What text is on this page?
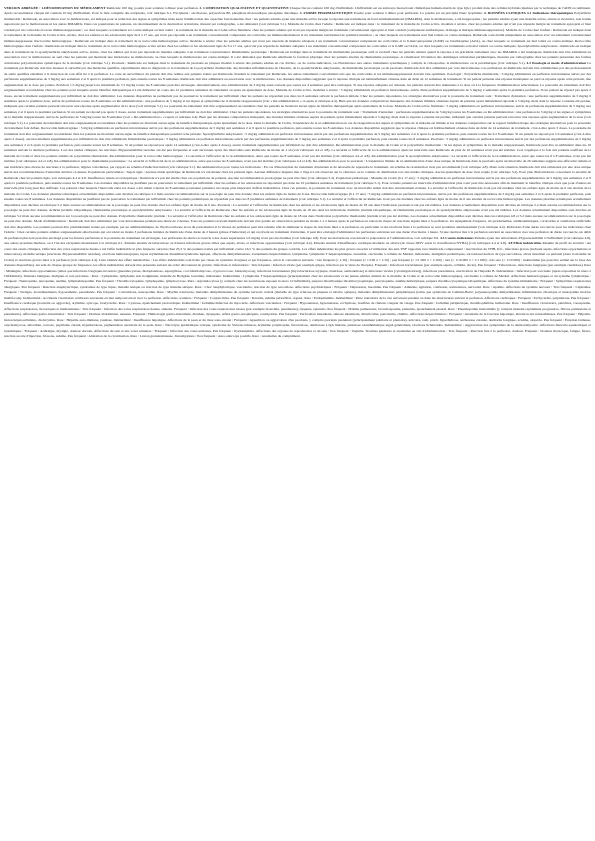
VERSION ABRÉGÉE : 1.DÉNOMINATION DU MÉDICAMENT Remicade 100 mg, poudre pour solution à diluer pour perfusion. 2. COMPOSITION QUALITATIVE ET QUANTITATIVE Chaque flacon contient 100 mg d'infliximab. L'infliximab est un anticorps monoclonal chimérique humain-murin de type IgG1 produit dans des cellules hybrides murines par la technique de l'ADN recombinant. Après reconstitution chaque ml contient 10 mg d'infliximab. Pour la liste complète des excipients, voir rubrique 6.1. Excipients : saccharose, polysorbate 80, phosphate monosodique, phosphate disodique. 3. FORME PHARMACEUTIQUE Poudre pour solution à diluer pour perfusion. La poudre est un précipité blanc lyophilisé. 4. DONNÉES CLINIQUES 4.1 Indications thérapeutiques Polyarthrite rhumatoïde : Remicade, en association avec le méthotrexate, est indiqué pour la réduction des signes et symptômes mais aussi l'amélioration des capacités fonctionnelles chez : les patients adultes ayant une maladie active lorsque la réponse aux traitements de fond antirhumatismaux (DMARDs), dont le méthotrexate, a été inappropriée ; les patients adultes ayant une maladie active, sévère et évolutive, non traitée auparavant par le méthotrexate ni les autres DMARDs. Dans ces populations de patients, un ralentissement de la destruction articulaire, mesuré par radiographie, a été démontré (voir rubrique 5.1). Maladie de Crohn chez l'adulte : Remicade est indiqué dans : le traitement de la maladie de Crohn active, modérée à sévère, chez les patients adultes qui n'ont pas répondu malgré un traitement approprié et bien conduit par un corticoïde et/ou un immunosuppresseur ; ou chez lesquels ce traitement est contre-indiqué ou mal toléré ; le traitement de la maladie de Crohn active fistulisée, chez les patients adultes qui n'ont pas répondu malgré un traitement conventionnel approprié et bien conduit (comprenant antibiotiques, drainage et thérapie immunosuppressive). Maladie de Crohn chez l'enfant : Remicade est indiqué dans le traitement de la maladie de Crohn active, sévère, chez les enfants et les adolescents âgés de 6 à 17 ans, qui n'ont pas répondu à un traitement conventionnel comprenant un corticoïde, un immunomodulateur et un traitement nutritionnel de première intention ; ou chez lesquels ces traitements sont mal tolérés ou contre-indiqués. Remicade a été étudié uniquement en association avec un traitement conventionnel immunosuppresseur. Rectocolite hémorragique : Remicade est indiqué dans le traitement de la rectocolite hémorragique active, modérée à sévère chez les patients adultes qui n'ont pas répondu de manière adéquate à un traitement conventionnel comprenant les corticoïdes et la 6-mercaptopurine (6-MP) ou l'azathioprine (AZA), ou chez lesquels ce traitement est mal toléré ou contre-indiqué. Rectocolite hémorragique chez l'enfant : Remicade est indiqué dans le traitement de la rectocolite hémorragique active sévère chez les enfants et les adolescents âgés de 6 à 17 ans, qui n'ont pas répondu de manière adéquate à un traitement conventionnel comprenant les corticoïdes et la 6-MP ou l'AZA, ou chez lesquels ces traitements sont mal tolérés ou contre-indiqués. Spondylarthrite ankylosante : Remicade est indiqué dans le traitement de la spondylarthrite ankylosante active, sévère, chez les adultes qui n'ont pas répondu de manière adéquate à un traitement conventionnel. Rhumatisme psoriasique : Remicade est indiqué dans le traitement du rhumatisme psoriasique actif et évolutif chez les patients adultes quand la réponse à un précédent traitement avec les DMARDs a été inadéquate. Remicade doit être administré en association avec le méthotrexate ou seul chez les patients qui montrent une intolérance au méthotrexate ou chez lesquels le méthotrexate est contre-indiqué. Il a été démontré que Remicade améliorait la fonction physique chez les patients atteints de rhumatisme psoriasique, et ralentissait l'évolution des dommages articulaires périphériques, mesurés par radiographie chez les patients présentant des formes articulaires polyarticulaires symétriques de la maladie (voir rubrique 5.1). Psoriasis : Remicade est indiqué dans le traitement du psoriasis en plaques modéré à sévère des patients adultes en cas d'échec, ou de contre-indication, ou d'intolérance aux autres traitements systémiques y compris la ciclosporine, le méthotrexate ou la puvathérapie (voir rubrique 5.1). 4.2 Posologie et mode d'administration Le traitement par Remicade doit être instauré et surveillé par des médecins qualifiés, expérimentés dans le diagnostic et le traitement de la polyarthrite rhumatoïde, des maladies inflammatoires de l'intestin, de la spondylarthrite ankylosante, du rhumatisme psoriasique ou du psoriasis. Remicade doit être administré par voie intraveineuse. Les perfusions de Remicade doivent être administrées par des professionnels de santé qualifiés entraînés à la détection de tout effet lié à la perfusion. La carte de surveillance du patient doit être remise aux patients traités par Remicade. Pendant le traitement par Remicade, les autres traitements concomitants tels que les corticoïdes et les immunosuppresseurs doivent être optimisés. Posologie : Polyarthrite rhumatoïde : 3 mg/kg administrés en perfusion intraveineuse suivis par des perfusions supplémentaires de 3 mg/kg aux semaines 2 et 6 après la première perfusion, puis ensuite toutes les 8 semaines. Remicade doit être administré en association avec le méthotrexate. Les données disponibles suggèrent que la réponse clinique est habituellement obtenue dans un délai de 12 semaines de traitement. Si un patient présente une réponse inadéquate ou perd sa réponse après cette période, une augmentation de la dose par paliers d'environ 1,5 mg/kg jusqu'à un maximum de 7,5 mg/kg toutes les 8 semaines peut être envisagée. Alternativement, une administration de 3 mg/kg aussi souvent que toutes les 4 semaines peut être envisagée. Si une réponse adéquate est obtenue, les patients doivent être maintenus à la dose ou à la fréquence d'administration sélectionnée. La poursuite du traitement doit être soigneusement reconsidérée chez les patients pour lesquels aucun bénéfice thérapeutique n'a été démontré au cours des 12 premières semaines de traitement ou après un ajustement de dose. Maladie de Crohn active, modérée à sévère : 5 mg/kg administrés en perfusion intraveineuse, suivis d'une perfusion supplémentaire de 5 mg/kg 2 semaines après la première perfusion. Si un patient ne répond pas après 2 doses, aucun traitement supplémentaire par infliximab ne doit être administré. Les données disponibles ne permettent pas de poursuivre le traitement par infliximab chez les patients ne répondant pas dans les 6 semaines suivant la perfusion initiale. Chez les patients répondeurs, les stratégies alternatives pour la poursuite du traitement sont : Traitement d'entretien : une perfusion supplémentaire de 5 mg/kg 6 semaines après la première dose, suivie de perfusions toutes les 8 semaines ou Ré-administration : une perfusion de 5 mg/kg si les signes et symptômes de la maladie réapparaissent (voir « Ré-administration » ci-après et rubrique 4.4). Bien que les données comparatives manquent, des données limitées obtenues auprès de patients ayant initialement répondu à 5 mg/kg, mais dont la réponse a ensuite été perdue, indiquent que certains patients peuvent retrouver une réponse après augmentation de la dose (voir rubrique 5.1). La poursuite du traitement doit être soigneusement reconsidérée chez les patients ne montrant aucun signe de bénéfice thérapeutique après ajustement de la dose. Maladie de Crohn active fistulisée : 5 mg/kg administrés en perfusion intraveineuse, suivis de perfusions supplémentaires de 5 mg/kg aux semaines 2 et 6 après la première perfusion. Si un patient ne répond pas après 3 doses, aucun traitement supplémentaire par infliximab ne doit être administré. Chez les patients répondeurs, les stratégies alternatives pour la poursuite du traitement sont : Traitement d'entretien : perfusions supplémentaires de 5 mg/kg toutes les 8 semaines ou Ré-administration : une perfusion de 5 mg/kg si les signes et symptômes de la maladie réapparaissent, suivie de perfusions de 5 mg/kg toutes les 8 semaines (voir « Ré-administration » ci-après et rubrique 4.4). Bien que les données comparatives manquent, des données limitées obtenues auprès de patients ayant initialement répondu à 5 mg/kg, mais dont la réponse a ensuite été perdue, indiquent que certains patients peuvent retrouver une réponse après augmentation de la dose (voir rubrique 5.1). La poursuite du traitement doit être soigneusement reconsidérée chez les patients ne montrant aucun signe de bénéfice thérapeutique après ajustement de la dose. Dans la maladie de Crohn, l'expérience de la ré-administration en cas de réapparition des signes et symptômes de la maladie est limitée et les données comparatives sur le rapport bénéfice/risque des stratégies alternatives pour la poursuite du traitement font défaut. Rectocolite hémorragique : 5 mg/kg administrés en perfusion intraveineuse suivis par des perfusions supplémentaires de 5 mg/kg aux semaines 2 et 6 après la première perfusion, puis ensuite toutes les 8 semaines. Les données disponibles suggèrent que la réponse clinique est habituellement obtenue dans un délai de 14 semaines de traitement, c'est-à-dire après 3 doses. La poursuite du traitement doit être soigneusement reconsidérée chez les patients ne montrant aucun signe de bénéfice thérapeutique pendant cette période. Spondylarthrite ankylosante : 5 mg/kg administrés en perfusion intraveineuse suivis par des perfusions supplémentaires de 5 mg/kg aux semaines 2 et 6 après la première perfusion, puis ensuite toutes les 6 à 8 semaines. Si un patient ne répond pas à 6 semaines (c'est-à-dire après 2 doses), aucun traitement supplémentaire par infliximab ne doit être administré. Rhumatisme psoriasique : 5 mg/kg administrés en perfusion intraveineuse suivis par des perfusions supplémentaires de 5 mg/kg aux semaines 2 et 6 après la première perfusion, puis ensuite toutes les 8 semaines. Psoriasis : 5 mg/kg administrés en perfusion intraveineuse suivis par des perfusions supplémentaires de 5 mg/kg aux semaines 2 et 6 après la première perfusion, puis ensuite toutes les 8 semaines. Si un patient ne répond pas après 14 semaines (c'est-à-dire après 4 doses), aucun traitement supplémentaire par infliximab ne doit être administré. Ré-administration pour la maladie de Crohn et la polyarthrite rhumatoïde : Si les signes et symptômes de la maladie réapparaissent, Remicade peut être ré-administré dans les 16 semaines suivant la dernière perfusion. Lors des études cliniques, les réactions d'hypersensibilité retardée ont été peu fréquentes et sont survenues après des intervalles sans Remicade de moins de 1 an (voir rubriques 4.4 et 4.8). La sécurité et l'efficacité de la ré-administration après un intervalle sans Remicade de plus de 16 semaines n'ont pas été établies. Ceci s'applique à la fois aux patients souffrant de la maladie de Crohn et chez les patients atteints de polyarthrite rhumatoïde. Ré-administration pour la rectocolite hémorragique : La sécurité et l'efficacité de la ré-administration, autre que toutes les 8 semaines, n'ont pas été établies (voir rubriques 4.4 et 4.8). Ré-administration pour la spondylarthrite ankylosante : La sécurité et l'efficacité de la ré-administration, autre que toutes les 6 à 8 semaines, n'ont pas été établies (voir rubriques 4.4 et 4.8). Ré-administration pour le rhumatisme psoriasique : La sécurité et l'efficacité de la ré-administration, autre que toutes les 8 semaines, n'ont pas été établies (voir rubriques 4.4 et 4.8). Ré-administration pour le psoriasis : L'expérience limitée de ré-administration d'une dose unique de Remicade dans le psoriasis après un intervalle de 20 semaines suggère une efficacité réduite et une incidence plus élevée de réactions à la perfusion, légères à modérées, par rapport au schéma d'induction initial (voir rubrique 5.1). Ré-administration pour toutes les indications : En cas d'interruption du traitement d'entretien et de nécessité de reprendre le traitement, un schéma de ré-induction n'est pas recommandé (voir rubrique 4.8). Dans cette situation, Remicade doit être réinstauré par une dose unique suivie des recommandations d'entretien décrites ci-dessus. Populations particulières : Sujets âgés : Aucune étude spécifique de Remicade n'a été menée chez les patients âgés. Aucune différence majeure liée à l'âge n'a été observée sur la clairance ou le volume de distribution lors des études cliniques. Aucun ajustement de dose n'est requis (voir rubrique 5.2). Pour plus d'informations concernant la sécurité de Remicade chez les patients âgés, voir rubriques 4.4 et 4.8. Insuffisance rénale et/ou hépatique : Remicade n'a pas été étudié chez ces populations de patients. Aucune recommandation posologique ne peut être faite (voir rubrique 5.2). Population pédiatrique : Maladie de Crohn (6 à 17 ans) : 5 mg/kg administrés en perfusion intraveineuse suivis par des perfusions supplémentaires de 5 mg/kg aux semaines 2 et 6 après la première perfusion, puis ensuite toutes les 8 semaines. Les données disponibles ne justifient pas de poursuivre le traitement par infliximab chez les enfants et les adolescents ne répondant pas dans les 10 premières semaines de traitement (voir rubrique 5.1). Pour certains patients un intervalle d'administration plus court peut être nécessaire afin de maintenir le bénéfice clinique alors que pour d'autres un intervalle plus long peut être suffisant. Les patients chez lesquels l'intervalle entre les doses a été réduit à moins de 8 semaines pourraient présenter un risque plus important d'effets indésirables. Chez ces patients, la poursuite du traitement avec un intervalle réduit doit être attentivement évaluée. La sécurité et l'efficacité de Remicade n'ont pas été étudiées chez les enfants âgés de moins de 6 ans atteints de la maladie de Crohn. Les données pharmacocinétiques actuellement disponibles sont décrites en rubrique 5.2 mais aucune recommandation sur la posologie ne peut être donnée chez les enfants âgés de moins de 6 ans. Rectocolite hémorragique (6 à 17 ans) : 5 mg/kg administrés en perfusion intraveineuse, suivis par des perfusions supplémentaires de 5 mg/kg aux semaines 2 et 6 après la première perfusion, puis ensuite toutes les 8 semaines. Les données disponibles ne justifient pas de poursuivre le traitement par infliximab chez les patients pédiatriques ne répondant pas dans les 8 premières semaines de traitement (voir rubrique 5.1). La sécurité et l'efficacité de Remicade n'ont pas été étudiées chez les enfants âgés de moins de 6 ans atteints de rectocolite hémorragique. Les données pharmacocinétiques actuellement disponibles sont décrites en rubrique 5.2 mais aucune recommandation sur la posologie ne peut être donnée chez les enfants âgés de moins de 6 ans. Psoriasis : La sécurité et l'efficacité de Remicade chez les enfants et les adolescents âgés de moins de 18 ans dans l'indication psoriasis n'ont pas été établies. Les données actuellement disponibles sont décrites en rubrique 5.2 mais aucune recommandation sur la posologie ne peut être donnée. Arthrite juvénile idiopathique, rhumatisme psoriasique et spondylarthrite ankylosante : La sécurité et l'efficacité de Remicade chez les enfants et les adolescents âgés de moins de 18 ans dans les indications d'arthrite juvénile idiopathique, de rhumatisme psoriasique et de spondylarthrite ankylosante n'ont pas été établies. Les données actuellement disponibles sont décrites en rubrique 5.2 mais aucune recommandation sur la posologie ne peut être donnée. Polyarthrite rhumatoïde juvénile : La sécurité et l'efficacité de Remicade chez les enfants et les adolescents âgés de moins de 18 ans dans l'indication polyarthrite rhumatoïde juvénile n'ont pas été établies. Les données actuellement disponibles sont décrites dans les rubriques 4.8 et 5.2 mais aucune recommandation sur la posologie ne peut être donnée. Mode d'administration : Remicade doit être administré par voie intraveineuse pendant une durée de 2 heures. Tous les patients recevant Remicade doivent être gardés en observation pendant au moins 1 à 2 heures après la perfusion en raison du risque de réactions aiguës liées à la perfusion. Un équipement d'urgence, tel qu'adrénaline, antihistaminiques, corticoïdes et ventilation artificielle doit être disponible. Les patients peuvent être préalablement traités par exemple, par un antihistaminique, de l'hydrocortisone et/ou du paracétamol et la vitesse de perfusion peut être ralentie afin de diminuer le risque de réactions liées à la perfusion, en particulier si des réactions liées à la perfusion se sont produites antérieurement (voir rubrique 4.4). Perfusions d'une durée raccourcie pour les indications chez l'adulte : Chez certains patients adultes soigneusement sélectionnés qui ont toléré au moins 3 perfusions initiales de Remicade d'une durée de 2 heures (phase d'induction) et qui reçoivent un traitement d'entretien, il peut être envisagé d'administrer les perfusions suivantes sur une durée d'au moins 1 heure. Si une réaction liée à la perfusion survient en association avec une perfusion de durée raccourcie, un débit de perfusion plus lent peut être envisagé pour les futures perfusions si la poursuite du traitement est envisagée. Les perfusions de durée raccourcie à des doses supérieures à 6 mg/kg n'ont pas été étudiées (voir rubrique 4.8). Pour les instructions concernant la préparation et l'administration, voir rubrique 6.6. 4.3 Contre-indications Patients ayant des antécédents d'hypersensibilité à l'infliximab (voir rubrique 4.8), aux autres protéines murines, ou à l'un des excipients mentionnés à la rubrique 6.1. Patients atteints de tuberculose ou d'autres infections graves telles que sepsis, abcès, et infections opportunistes (voir rubrique 4.4). Patients atteints d'insuffisance cardiaque modérée ou sévère (de classe III/IV selon la classification NYHA) (voir rubriques 4.4 et 4.8). 4.8 Effets indésirables Résumé du profil de sécurité : Au cours des essais cliniques, l'infection des voies respiratoires hautes a été l'effet indésirable le plus fréquent, survenu chez 25,3 % des patients traités par infliximab contre 16,5 % des patients du groupe contrôle. Les effets indésirables les plus graves associés à l'utilisation des anti-TNF rapportés avec Remicade comprennent : réactivation du VHB, ICC, infections graves (incluant sepsis, infections opportunistes et tuberculose), maladie sérique (réactions d'hypersensibilité retardée), réactions hématologiques, lupus érythémateux disséminé/syndrome lupique, affections démyélinisantes, événements hépatobiliaires, lymphome, lymphome T hépatosplénique, leucémie, carcinome à cellules de Merkel, mélanome, malignités pédiatriques, sarcoïdose/réaction de type sarcoïdose, abcès intestinal ou périanal (dans la maladie de Crohn) et réactions graves liées à la perfusion (voir rubrique 4.4). Liste tabulée des effets indésirables : Les effets indésirables sont listés par classe de systèmes d'organes et par fréquence, selon la convention suivante : très fréquent (≥ 1/10) ; fréquent (≥ 1/100 à < 1/10) ; peu fréquent (≥ 1/1 000 à < 1/100) ; rare (≥ 1/10 000 à < 1/1 000) ; très rare (< 1/10 000) ; indéterminé (ne peut être estimé sur la base des données disponibles). Au sein de chaque groupe de fréquence, les effets indésirables doivent être présentés suivant un ordre décroissant de gravité. Infections et infestations : Très fréquent : Infection virale (par exemple grippe, infection par le virus de l'herpès). Fréquent : Infections bactériennes (par exemple sepsis, cellulite, abcès). Peu fréquent : Tuberculose, infections fongiques (par exemple candidose). Rare : Méningite, infections opportunistes (telles que infections fongiques invasives [pneumocystose, histoplasmose, aspergillose, coccidioïdomycose, cryptococcose, blastomycose], infections bactériennes [mycobactériose atypique, listériose, salmonellose] et infections virales [cytomégalovirus]), infections parasitaires, réactivation de l'hépatite B. Indéterminé : Infection post-vaccinale (après exposition in utero à l'infliximab). Tumeurs bénignes, malignes et non précisées : Rare : Lymphome, lymphome non hodgkinien, maladie de Hodgkin, leucémie, mélanome. Indéterminé : Lymphome T hépatosplénique (principalement chez les adolescents et les jeunes adultes atteints de la maladie de Crohn et de rectocolite hémorragique), carcinome à cellules de Merkel. Affections hématologiques et du système lymphatique : Fréquent : Neutropénie, leucopénie, anémie, lymphadénopathie. Peu fréquent : Thrombocytopénie, lymphopénie, lymphocytose. Rare : Agranulocytose (y compris chez les nourrissons exposés in utero à l'infliximab), purpura thrombotique thrombocytopénique, pancytopénie, anémie hémolytique, purpura thrombocytopénique idiopathique. Affections du système immunitaire : Fréquent : Symptômes respiratoires allergiques. Peu fréquent : Réaction anaphylactique, syndromes de type lupus, maladie sérique ou réaction de type maladie sérique. Rare : Choc anaphylactique, vascularite, réaction de type sarcoïdose. Affections psychiatriques : Fréquent : Dépression, insomnie. Peu fréquent : Amnésie, agitation, confusion, somnolence, nervosité. Rare : Apathie. Affections du système nerveux : Très fréquent : Céphalées. Fréquent : Vertiges, étourdissements, hypoesthésie, paresthésie. Peu fréquent : Convulsions, neuropathie. Rare : Myélite transverse, maladies démyélinisantes du système nerveux central (maladie de type sclérose en plaques et névrite optique), maladies démyélinisantes périphériques (telles que syndrome de Guillain-Barré, polyneuropathie démyélinisante inflammatoire chronique et neuropathie motrice multifocale). Indéterminé : Accidents vasculaires cérébraux survenant en lien temporel étroit avec la perfusion. Affections oculaires : Fréquent : Conjonctivite. Peu fréquent : Kératite, œdème périorbital, orgelet. Rare : Endophtalmie. Indéterminé : Perte transitoire de la vue survenant pendant ou dans les deux heures suivant la perfusion. Affections cardiaques : Fréquent : Tachycardie, palpitations. Peu fréquent : Insuffisance cardiaque (nouvelle ou aggravée), arythmie, syncope, bradycardie. Rare : Cyanose, épanchement péricardique. Indéterminé : Ischémie/infarctus du myocarde. Affections vasculaires : Fréquent : Hypotension, hypertension, ecchymose, bouffées de chaleur, rougeur du visage. Peu fréquent : Ischémie périphérique, thrombophlébite, hématome. Rare : Insuffisance circulatoire, pétéchies, vasospasme. Affections respiratoires, thoraciques et médiastinales : Très fréquent : Infection des voies respiratoires hautes, sinusite. Fréquent : Infection des voies respiratoires basses (par exemple bronchite, pneumonie), dyspnée, épistaxis. Peu fréquent : Œdème pulmonaire, bronchospasme, pleurésie, épanchement pleural. Rare : Pneumopathie interstitielle (y compris maladie rapidement progressive, fibrose pulmonaire et pneumonie). Affections gastro-intestinales : Très fréquent : Douleur abdominale, nausées. Fréquent : Hémorragie gastro-intestinale, diarrhée, dyspepsie, reflux gastro-œsophagien, constipation. Peu fréquent : Perforation intestinale, sténose intestinale, diverticulite, pancréatite, chéilite. Affections hépatobiliaires : Fréquent : Anomalie de la fonction hépatique, élévation des transaminases. Peu fréquent : Hépatite, lésion hépatocellulaire, cholécystite. Rare : Hépatite auto-immune, jaunisse. Indéterminé : Insuffisance hépatique. Affections de la peau et du tissu sous-cutané : Fréquent : Apparition ou aggravation d'un psoriasis, y compris psoriasis pustuleux (principalement palmaire et plantaire), urticaire, rash, prurit, hyperhidrose, sécheresse cutanée, dermatite fongique, eczéma, alopécie. Peu fréquent : Éruption bulleuse, onychomycose, séborrhée, rosacée, papillome cutané, hyperkératose, pigmentation anormale de la peau. Rare : Nécrolyse épidermique toxique, syndrome de Stevens-Johnson, érythème polymorphe, furonculose, dermatose à IgA linéaire, pustulose exanthématique aiguë généralisée, réactions lichénoïdes. Indéterminé : Aggravation des symptômes de la dermatomyosite. Affections musculo-squelettiques et systémiques : Fréquent : Arthralgie, myalgie, douleur dorsale. Affections du rein et des voies urinaires : Fréquent : Infection des voies urinaires. Peu fréquent : Pyélonéphrite. Affections des organes de reproduction et du sein : Peu fréquent : Vaginite. Troubles généraux et anomalies au site d'administration : Très fréquent : Réaction liée à la perfusion, douleur. Fréquent : Douleur thoracique, fatigue, fièvre, réaction au site d'injection, frissons, œdème. Peu fréquent : Altération de la cicatrisation. Rare : Lésion granulomateuse. Investigations : Peu fréquent : Auto-anticorps positifs. Rare : Anomalies du complément.
